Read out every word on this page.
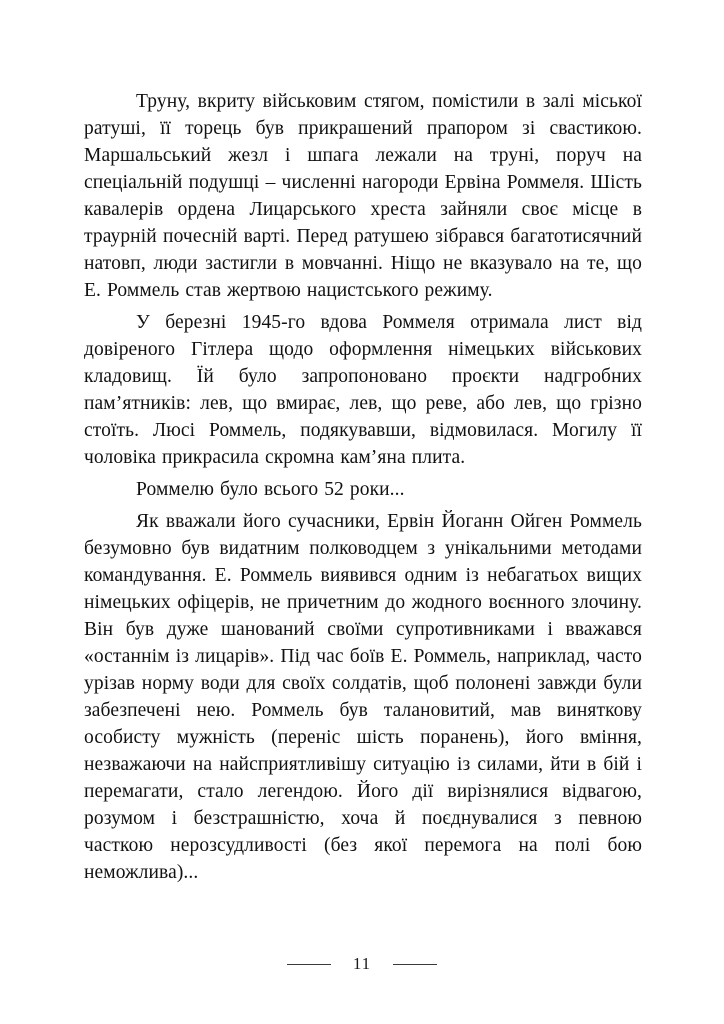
Труну, вкриту військовим стягом, помістили в залі міської ратуші, її торець був прикрашений прапором зі свастикою. Маршальський жезл і шпага лежали на труні, поруч на спеціальній подушці – численні нагороди Ервіна Роммеля. Шість кавалерів ордена Лицарського хреста зайняли своє місце в траурній почесній варті. Перед ратушею зібрався багатотисячний натовп, люди застигли в мовчанні. Ніщо не вказувало на те, що Е. Роммель став жертвою нацистського режиму.

У березні 1945-го вдова Роммеля отримала лист від довіреного Гітлера щодо оформлення німецьких військових кладовищ. Їй було запропоновано проєкти надгробних пам’ятників: лев, що вмирає, лев, що реве, або лев, що грізно стоїть. Люсі Роммель, подякувавши, відмовилася. Могилу її чоловіка прикрасила скромна кам’яна плита.

Роммелю було всього 52 роки...

Як вважали його сучасники, Ервін Йоганн Ойген Роммель безумовно був видатним полководцем з унікальними методами командування. Е. Роммель виявився одним із небагатьох вищих німецьких офіцерів, не причетним до жодного воєнного злочину. Він був дуже шанований своїми супротивниками і вважався «останнім із лицарів». Під час боїв Е. Роммель, наприклад, часто урізав норму води для своїх солдатів, щоб полонені завжди були забезпечені нею. Роммель був талановитий, мав виняткову особисту мужність (переніс шість поранень), його вміння, незважаючи на найсприятливішу ситуацію із силами, йти в бій і перемагати, стало легендою. Його дії вирізнялися відвагою, розумом і безстрашністю, хоча й поєднувалися з певною часткою нерозсудливості (без якої перемога на полі бою неможлива)...

11
